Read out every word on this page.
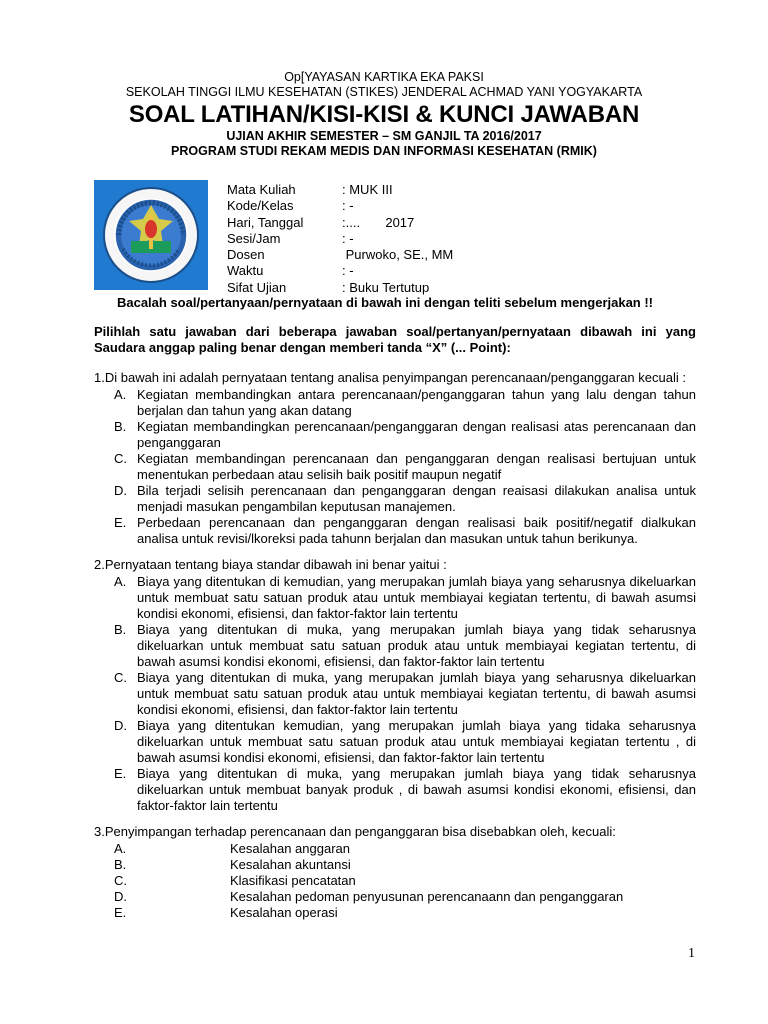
Op[YAYASAN KARTIKA EKA PAKSI
SEKOLAH TINGGI ILMU KESEHATAN (STIKES) JENDERAL ACHMAD YANI YOGYAKARTA
SOAL LATIHAN/KISI-KISI & KUNCI JAWABAN
UJIAN AKHIR SEMESTER – SM GANJIL TA 2016/2017
PROGRAM STUDI REKAM MEDIS DAN INFORMASI KESEHATAN (RMIK)
Mata Kuliah	: MUK III
Kode/Kelas	: -
Hari, Tanggal	:....       2017
Sesi/Jam	: -
Dosen	Purwoko, SE., MM
Waktu	: -
Sifat Ujian	: Buku Tertutup
Bacalah soal/pertanyaan/pernyataan di bawah ini dengan teliti sebelum mengerjakan !!
Pilihlah satu jawaban dari beberapa jawaban soal/pertanyan/pernyataan dibawah ini yang Saudara anggap paling benar dengan memberi tanda “X” (... Point):
1.Di bawah ini adalah pernyataan tentang analisa penyimpangan perencanaan/penganggaran kecuali :
A. Kegiatan membandingkan antara perencanaan/penganggaran tahun yang lalu dengan tahun berjalan dan tahun yang akan datang
B. Kegiatan membandingkan perencanaan/penganggaran dengan realisasi atas perencanaan dan penganggaran
C. Kegiatan membandingan perencanaan dan penganggaran dengan realisasi bertujuan untuk menentukan perbedaan atau selisih baik positif maupun negatif
D. Bila terjadi selisih perencanaan dan penganggaran dengan reaisasi dilakukan analisa untuk menjadi masukan pengambilan keputusan manajemen.
E. Perbedaan perencanaan dan penganggaran dengan realisasi baik positif/negatif dialkukan analisa untuk revisi/lkoreksi pada tahunn berjalan dan masukan untuk tahun berikunya.
2.Pernyataan tentang biaya standar dibawah ini benar yaitui :
A. Biaya yang ditentukan di kemudian, yang merupakan jumlah biaya yang seharusnya dikeluarkan untuk membuat satu satuan produk atau untuk membiayai kegiatan tertentu, di bawah asumsi kondisi ekonomi, efisiensi, dan faktor-faktor lain tertentu
B. Biaya yang ditentukan di muka, yang merupakan jumlah biaya yang tidak seharusnya dikeluarkan untuk membuat satu satuan produk atau untuk membiayai kegiatan tertentu, di bawah asumsi kondisi ekonomi, efisiensi, dan faktor-faktor lain tertentu
C. Biaya yang ditentukan di muka, yang merupakan jumlah biaya yang seharusnya dikeluarkan untuk membuat satu satuan produk atau untuk membiayai kegiatan tertentu, di bawah asumsi kondisi ekonomi, efisiensi, dan faktor-faktor lain tertentu
D. Biaya yang ditentukan kemudian, yang merupakan jumlah biaya yang tidaka seharusnya dikeluarkan untuk membuat satu satuan produk atau untuk membiayai kegiatan tertentu , di bawah asumsi kondisi ekonomi, efisiensi, dan faktor-faktor lain tertentu
E. Biaya yang ditentukan di muka, yang merupakan jumlah biaya yang tidak seharusnya dikeluarkan untuk membuat banyak produk , di bawah asumsi kondisi ekonomi, efisiensi, dan faktor-faktor lain tertentu
3.Penyimpangan terhadap perencanaan dan penganggaran bisa disebabkan oleh, kecuali:
A.	Kesalahan anggaran
B.	Kesalahan akuntansi
C.	Klasifikasi pencatatan
D.	Kesalahan pedoman penyusunan perencanaann dan penganggaran
E.	Kesalahan operasi
1
